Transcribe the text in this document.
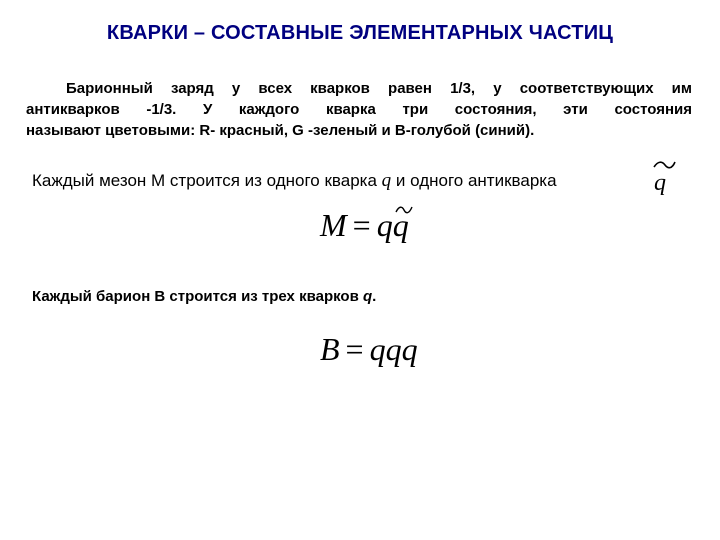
КВАРКИ – СОСТАВНЫЕ ЭЛЕМЕНТАРНЫХ ЧАСТИЦ
Барионный заряд у всех кварков равен 1/3, у соответствующих им
антикварков -1/3. У каждого кварка три состояния, эти состояния
называют цветовыми: R- красный, G -зеленый и B-голубой (синий).
Каждый мезон M строится из одного кварка q и одного антикварка	q
M = q
q
Каждый барион B строится из трех кварков q.
B = qqq
